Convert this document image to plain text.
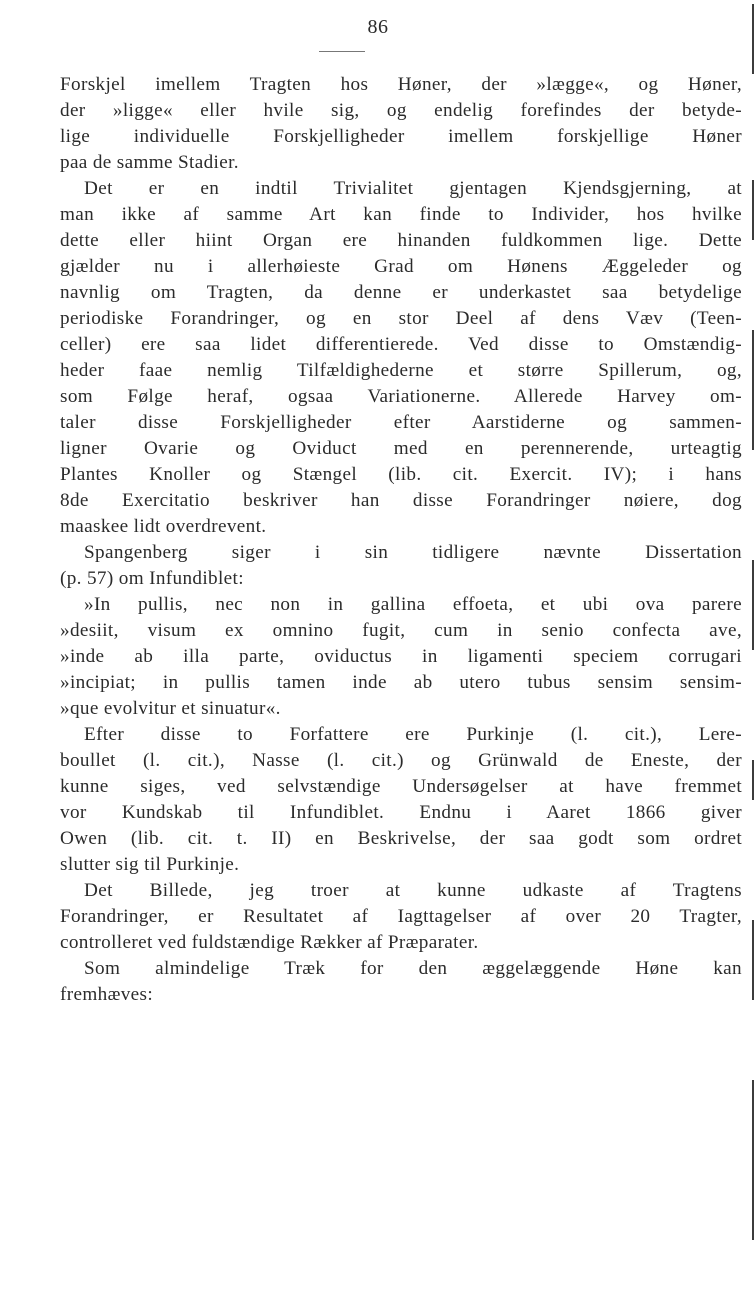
86
Forskjel imellem Tragten hos Høner, der »lægge«, og Høner,
der »ligge« eller hvile sig, og endelig forefindes der betyde-
lige individuelle Forskjelligheder imellem forskjellige Høner
paa de samme Stadier.
Det er en indtil Trivialitet gjentagen Kjendsgjerning, at
man ikke af samme Art kan finde to Individer, hos hvilke
dette eller hiint Organ ere hinanden fuldkommen lige. Dette
gjælder nu i allerhøieste Grad om Hønens Æggeleder og
navnlig om Tragten, da denne er underkastet saa betydelige
periodiske Forandringer, og en stor Deel af dens Væv (Teen-
celler) ere saa lidet differentierede. Ved disse to Omstændig-
heder faae nemlig Tilfældighederne et større Spillerum, og,
som Følge heraf, ogsaa Variationerne. Allerede Harvey om-
taler disse Forskjelligheder efter Aarstiderne og sammen-
ligner Ovarie og Oviduct med en perennerende, urteagtig
Plantes Knoller og Stængel (lib. cit. Exercit. IV); i hans
8de Exercitatio beskriver han disse Forandringer nøiere, dog
maaskee lidt overdrevent.
Spangenberg siger i sin tidligere nævnte Dissertation
(p. 57) om Infundiblet:
»In pullis, nec non in gallina effoeta, et ubi ova parere
»desiit, visum ex omnino fugit, cum in senio confecta ave,
»inde ab illa parte, oviductus in ligamenti speciem corrugari
»incipiat; in pullis tamen inde ab utero tubus sensim sensim-
»que evolvitur et sinuatur«.
Efter disse to Forfattere ere Purkinje (l. cit.), Lere-
boullet (l. cit.), Nasse (l. cit.) og Grünwald de Eneste, der
kunne siges, ved selvstændige Undersøgelser at have fremmet
vor Kundskab til Infundiblet. Endnu i Aaret 1866 giver
Owen (lib. cit. t. II) en Beskrivelse, der saa godt som ordret
slutter sig til Purkinje.
Det Billede, jeg troer at kunne udkaste af Tragtens
Forandringer, er Resultatet af Iagttagelser af over 20 Tragter,
controlleret ved fuldstændige Rækker af Præparater.
Som almindelige Træk for den æggelæggende Høne kan
fremhæves:
